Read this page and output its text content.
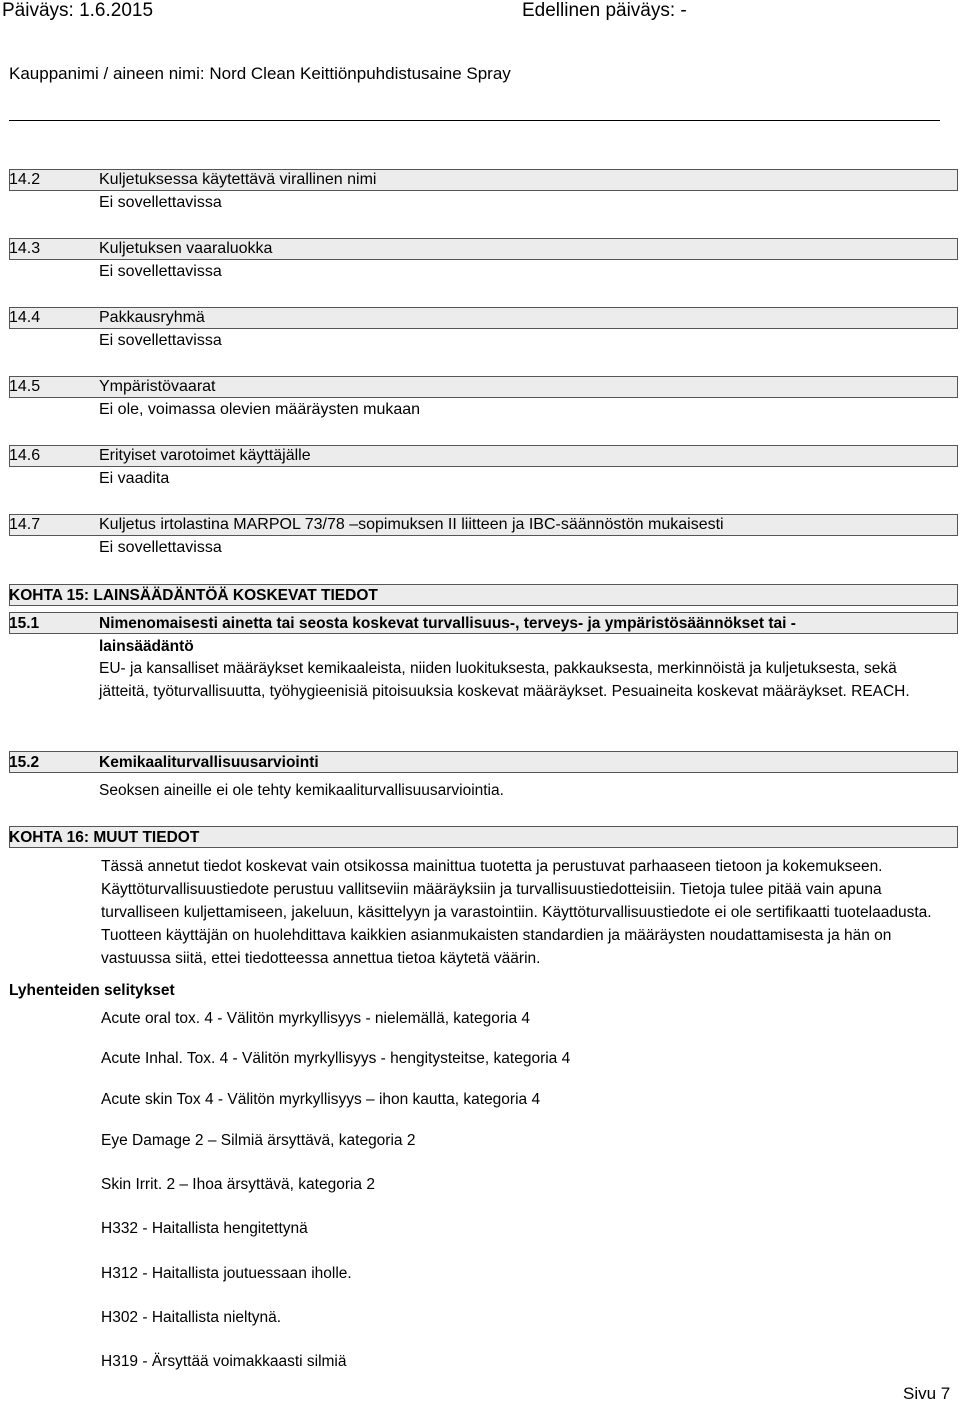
Päiväys: 1.6.2015	Edellinen päiväys: -
Kauppanimi / aineen nimi: Nord Clean Keittiönpuhdistusaine Spray
14.2	Kuljetuksessa käytettävä virallinen nimi
Ei sovellettavissa
14.3	Kuljetuksen vaaraluokka
Ei sovellettavissa
14.4	Pakkausryhmä
Ei sovellettavissa
14.5	Ympäristövaarat
Ei ole, voimassa olevien määräysten mukaan
14.6	Erityiset varotoimet käyttäjälle
Ei vaadita
14.7	Kuljetus irtolastina MARPOL 73/78 –sopimuksen II liitteen ja IBC-säännöstön mukaisesti
Ei sovellettavissa
KOHTA 15: LAINSÄÄDÄNTÖÄ KOSKEVAT TIEDOT
15.1	Nimenomaisesti ainetta tai seosta koskevat turvallisuus-, terveys- ja ympäristösäännökset tai - lainsäädäntö
EU- ja kansalliset määräykset kemikaaleista, niiden luokituksesta, pakkauksesta, merkinnöistä ja kuljetuksesta, sekä jätteitä, työturvallisuutta, työhygieenisiä pitoisuuksia koskevat määräykset. Pesuaineita koskevat määräykset. REACH.
15.2	Kemikaaliturvallisuusarviointi
Seoksen aineille ei ole tehty kemikaaliturvallisuusarviointia.
KOHTA 16: MUUT TIEDOT
Tässä annetut tiedot koskevat vain otsikossa mainittua tuotetta ja perustuvat parhaaseen tietoon ja kokemukseen. Käyttöturvallisuustiedote perustuu vallitseviin määräyksiin ja turvallisuustiedotteisiin. Tietoja tulee pitää vain apuna turvalliseen kuljettamiseen, jakeluun, käsittelyyn ja varastointiin. Käyttöturvallisuustiedote ei ole sertifikaatti tuotelaadusta. Tuotteen käyttäjän on huolehdittava kaikkien asianmukaisten standardien ja määräysten noudattamisesta ja hän on vastuussa siitä, ettei tiedotteessa annettua tietoa käytetä väärin.
Lyhenteiden selitykset
Acute oral tox. 4 - Välitön myrkyllisyys - nielemällä, kategoria 4
Acute Inhal. Tox. 4 - Välitön myrkyllisyys - hengitysteitse, kategoria 4
Acute skin Tox 4 - Välitön myrkyllisyys – ihon kautta, kategoria 4
Eye Damage 2 – Silmiä ärsyttävä, kategoria 2
Skin Irrit. 2 – Ihoa ärsyttävä, kategoria 2
H332 - Haitallista hengitettynä
H312 - Haitallista joutuessaan iholle.
H302 - Haitallista nieltynä.
H319 - Ärsyttää voimakkaasti silmiä
Sivu 7
